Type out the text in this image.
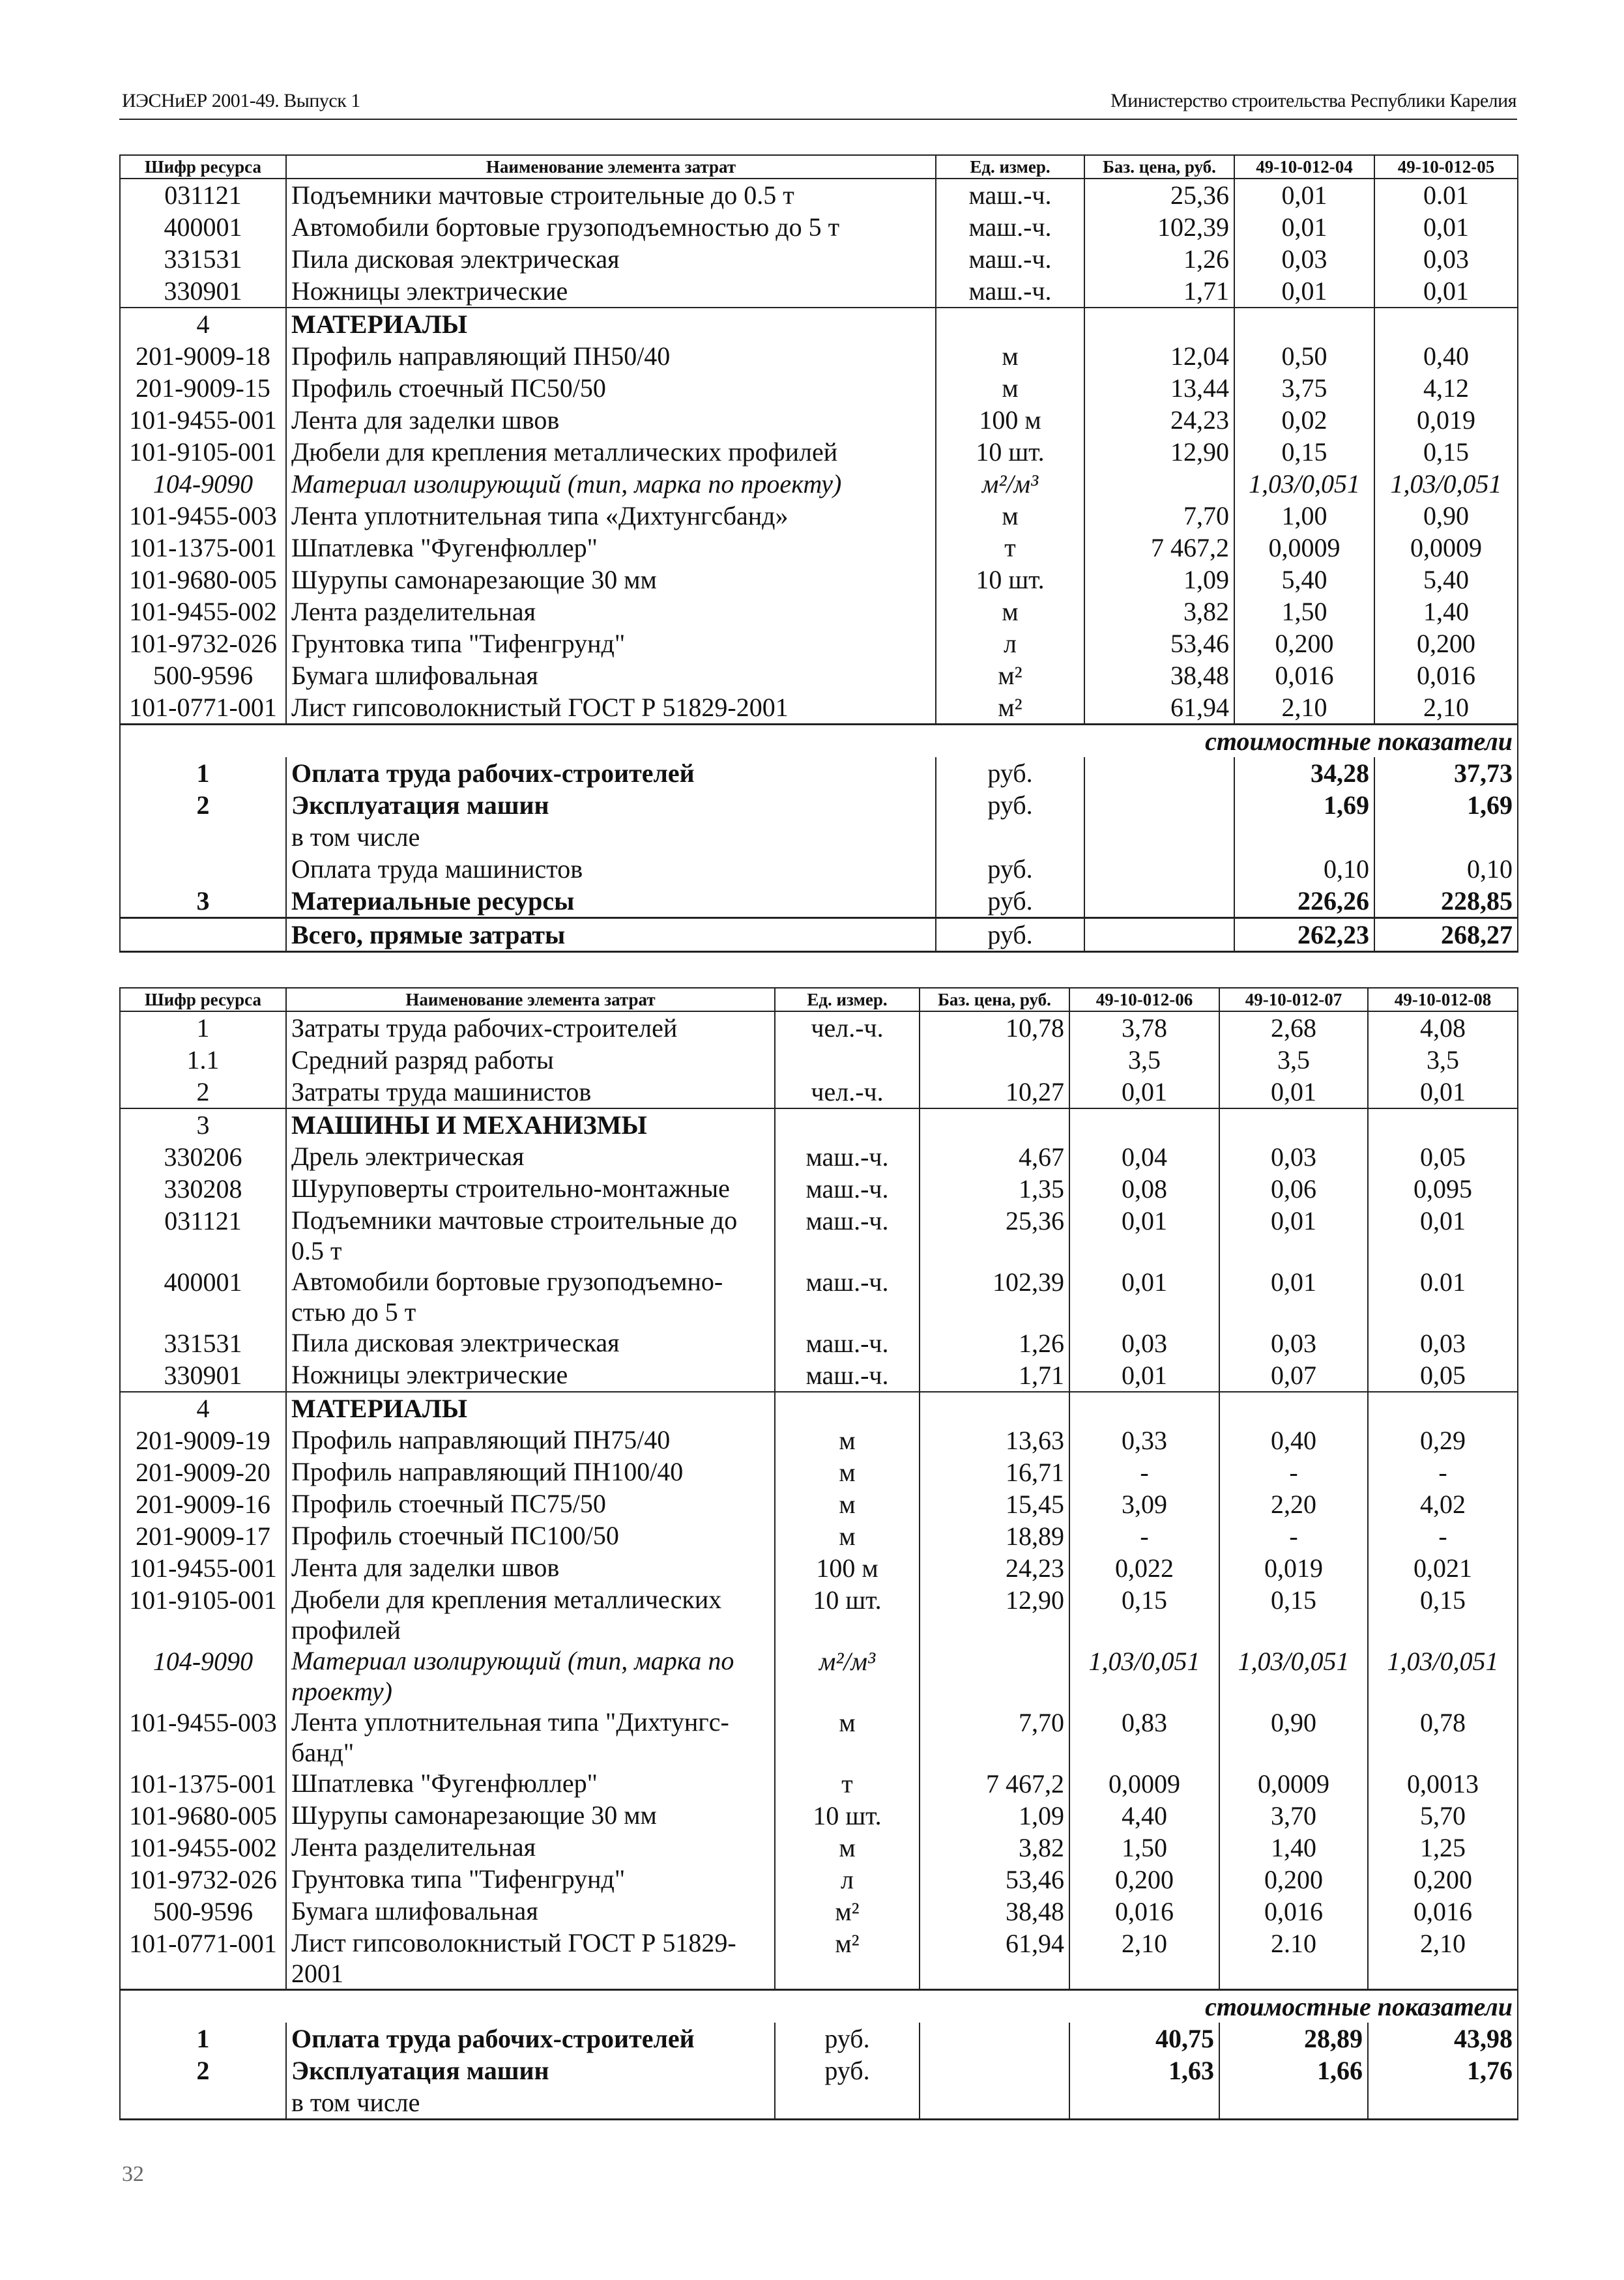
ИЭСНиЕР 2001-49. Выпуск 1	Министерство строительства Республики Карелия
Шифр ресурса	Наименование элемента затрат	Ед. измер.	Баз. цена, руб.	49-10-012-04	49-10-012-05
031121	Подъемники мачтовые строительные до 0.5 т	маш.-ч.	25,36	0,01	0.01
400001	Автомобили бортовые грузоподъемностью до 5 т	маш.-ч.	102,39	0,01	0,01
331531	Пила дисковая электрическая	маш.-ч.	1,26	0,03	0,03
330901	Ножницы электрические	маш.-ч.	1,71	0,01	0,01
4	МАТЕРИАЛЫ				
201-9009-18	Профиль направляющий ПН50/40	м	12,04	0,50	0,40
201-9009-15	Профиль стоечный ПС50/50	м	13,44	3,75	4,12
101-9455-001	Лента для заделки швов	100 м	24,23	0,02	0,019
101-9105-001	Дюбели для крепления металлических профилей	10 шт.	12,90	0,15	0,15
104-9090	Материал изолирующий (тип, марка по проекту)	м²/м³		1,03/0,051	1,03/0,051
101-9455-003	Лента уплотнительная типа «Дихтунгсбанд»	м	7,70	1,00	0,90
101-1375-001	Шпатлевка "Фугенфюллер"	т	7 467,2	0,0009	0,0009
101-9680-005	Шурупы самонарезающие 30 мм	10 шт.	1,09	5,40	5,40
101-9455-002	Лента разделительная	м	3,82	1,50	1,40
101-9732-026	Грунтовка типа "Тифенгрунд"	л	53,46	0,200	0,200
500-9596	Бумага шлифовальная	м²	38,48	0,016	0,016
101-0771-001	Лист гипсоволокнистый ГОСТ Р 51829-2001	м²	61,94	2,10	2,10
стоимостные показатели					
1	Оплата труда рабочих-строителей	руб.		34,28	37,73
2	Эксплуатация машин	руб.		1,69	1,69
	в том числе				
	Оплата труда машинистов	руб.		0,10	0,10
3	Материальные ресурсы	руб.		226,26	228,85
	Всего, прямые затраты	руб.		262,23	268,27
Шифр ресурса	Наименование элемента затрат	Ед. измер.	Баз. цена, руб.	49-10-012-06	49-10-012-07	49-10-012-08
1	Затраты труда рабочих-строителей	чел.-ч.	10,78	3,78	2,68	4,08
1.1	Средний разряд работы			3,5	3,5	3,5
2	Затраты труда машинистов	чел.-ч.	10,27	0,01	0,01	0,01
3	МАШИНЫ И МЕХАНИЗМЫ					
330206	Дрель электрическая	маш.-ч.	4,67	0,04	0,03	0,05
330208	Шуруповерты строительно-монтажные	маш.-ч.	1,35	0,08	0,06	0,095
031121	Подъемники мачтовые строительные до 0.5 т	маш.-ч.	25,36	0,01	0,01	0,01
400001	Автомобили бортовые грузоподъемно-стью до 5 т	маш.-ч.	102,39	0,01	0,01	0.01
331531	Пила дисковая электрическая	маш.-ч.	1,26	0,03	0,03	0,03
330901	Ножницы электрические	маш.-ч.	1,71	0,01	0,07	0,05
4	МАТЕРИАЛЫ					
201-9009-19	Профиль направляющий ПН75/40	м	13,63	0,33	0,40	0,29
201-9009-20	Профиль направляющий ПН100/40	м	16,71	-	-	-
201-9009-16	Профиль стоечный ПС75/50	м	15,45	3,09	2,20	4,02
201-9009-17	Профиль стоечный ПС100/50	м	18,89	-	-	-
101-9455-001	Лента для заделки швов	100 м	24,23	0,022	0,019	0,021
101-9105-001	Дюбели для крепления металлических профилей	10 шт.	12,90	0,15	0,15	0,15
104-9090	Материал изолирующий (тип, марка по проекту)	м²/м³		1,03/0,051	1,03/0,051	1,03/0,051
101-9455-003	Лента уплотнительная типа "Дихтунгс-банд"	м	7,70	0,83	0,90	0,78
101-1375-001	Шпатлевка "Фугенфюллер"	т	7 467,2	0,0009	0,0009	0,0013
101-9680-005	Шурупы самонарезающие 30 мм	10 шт.	1,09	4,40	3,70	5,70
101-9455-002	Лента разделительная	м	3,82	1,50	1,40	1,25
101-9732-026	Грунтовка типа "Тифенгрунд"	л	53,46	0,200	0,200	0,200
500-9596	Бумага шлифовальная	м²	38,48	0,016	0,016	0,016
101-0771-001	Лист гипсоволокнистый ГОСТ Р 51829-2001	м²	61,94	2,10	2.10	2,10
стоимостные показатели						
1	Оплата труда рабочих-строителей	руб.		40,75	28,89	43,98
2	Эксплуатация машин	руб.		1,63	1,66	1,76
	в том числе					
32
